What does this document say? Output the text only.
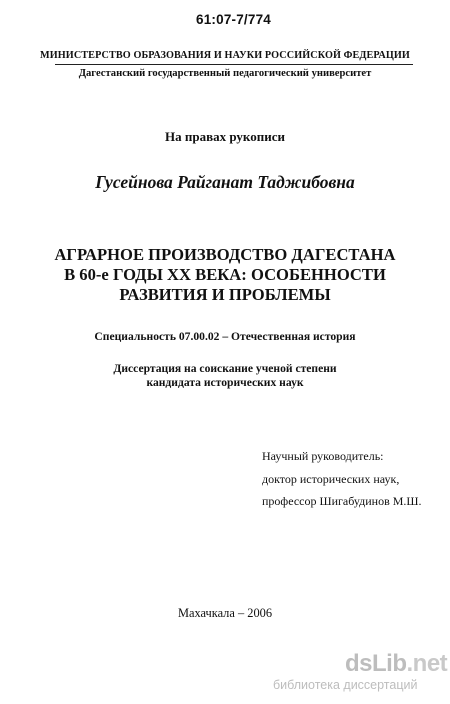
61:07-7/774
МИНИСТЕРСТВО ОБРАЗОВАНИЯ И НАУКИ РОССИЙСКОЙ ФЕДЕРАЦИИ
Дагестанский государственный педагогический университет
На правах рукописи
Гусейнова Райганат Таджибовна
АГРАРНОЕ ПРОИЗВОДСТВО ДАГЕСТАНА
В 60-е ГОДЫ XX ВЕКА: ОСОБЕННОСТИ
РАЗВИТИЯ И ПРОБЛЕМЫ
Специальность 07.00.02 – Отечественная история
Диссертация на соискание ученой степени
кандидата исторических наук
Научный руководитель:
доктор исторических наук,
профессор Шигабудинов М.Ш.
Махачкала – 2006
dsLib.net
библиотека диссертаций
